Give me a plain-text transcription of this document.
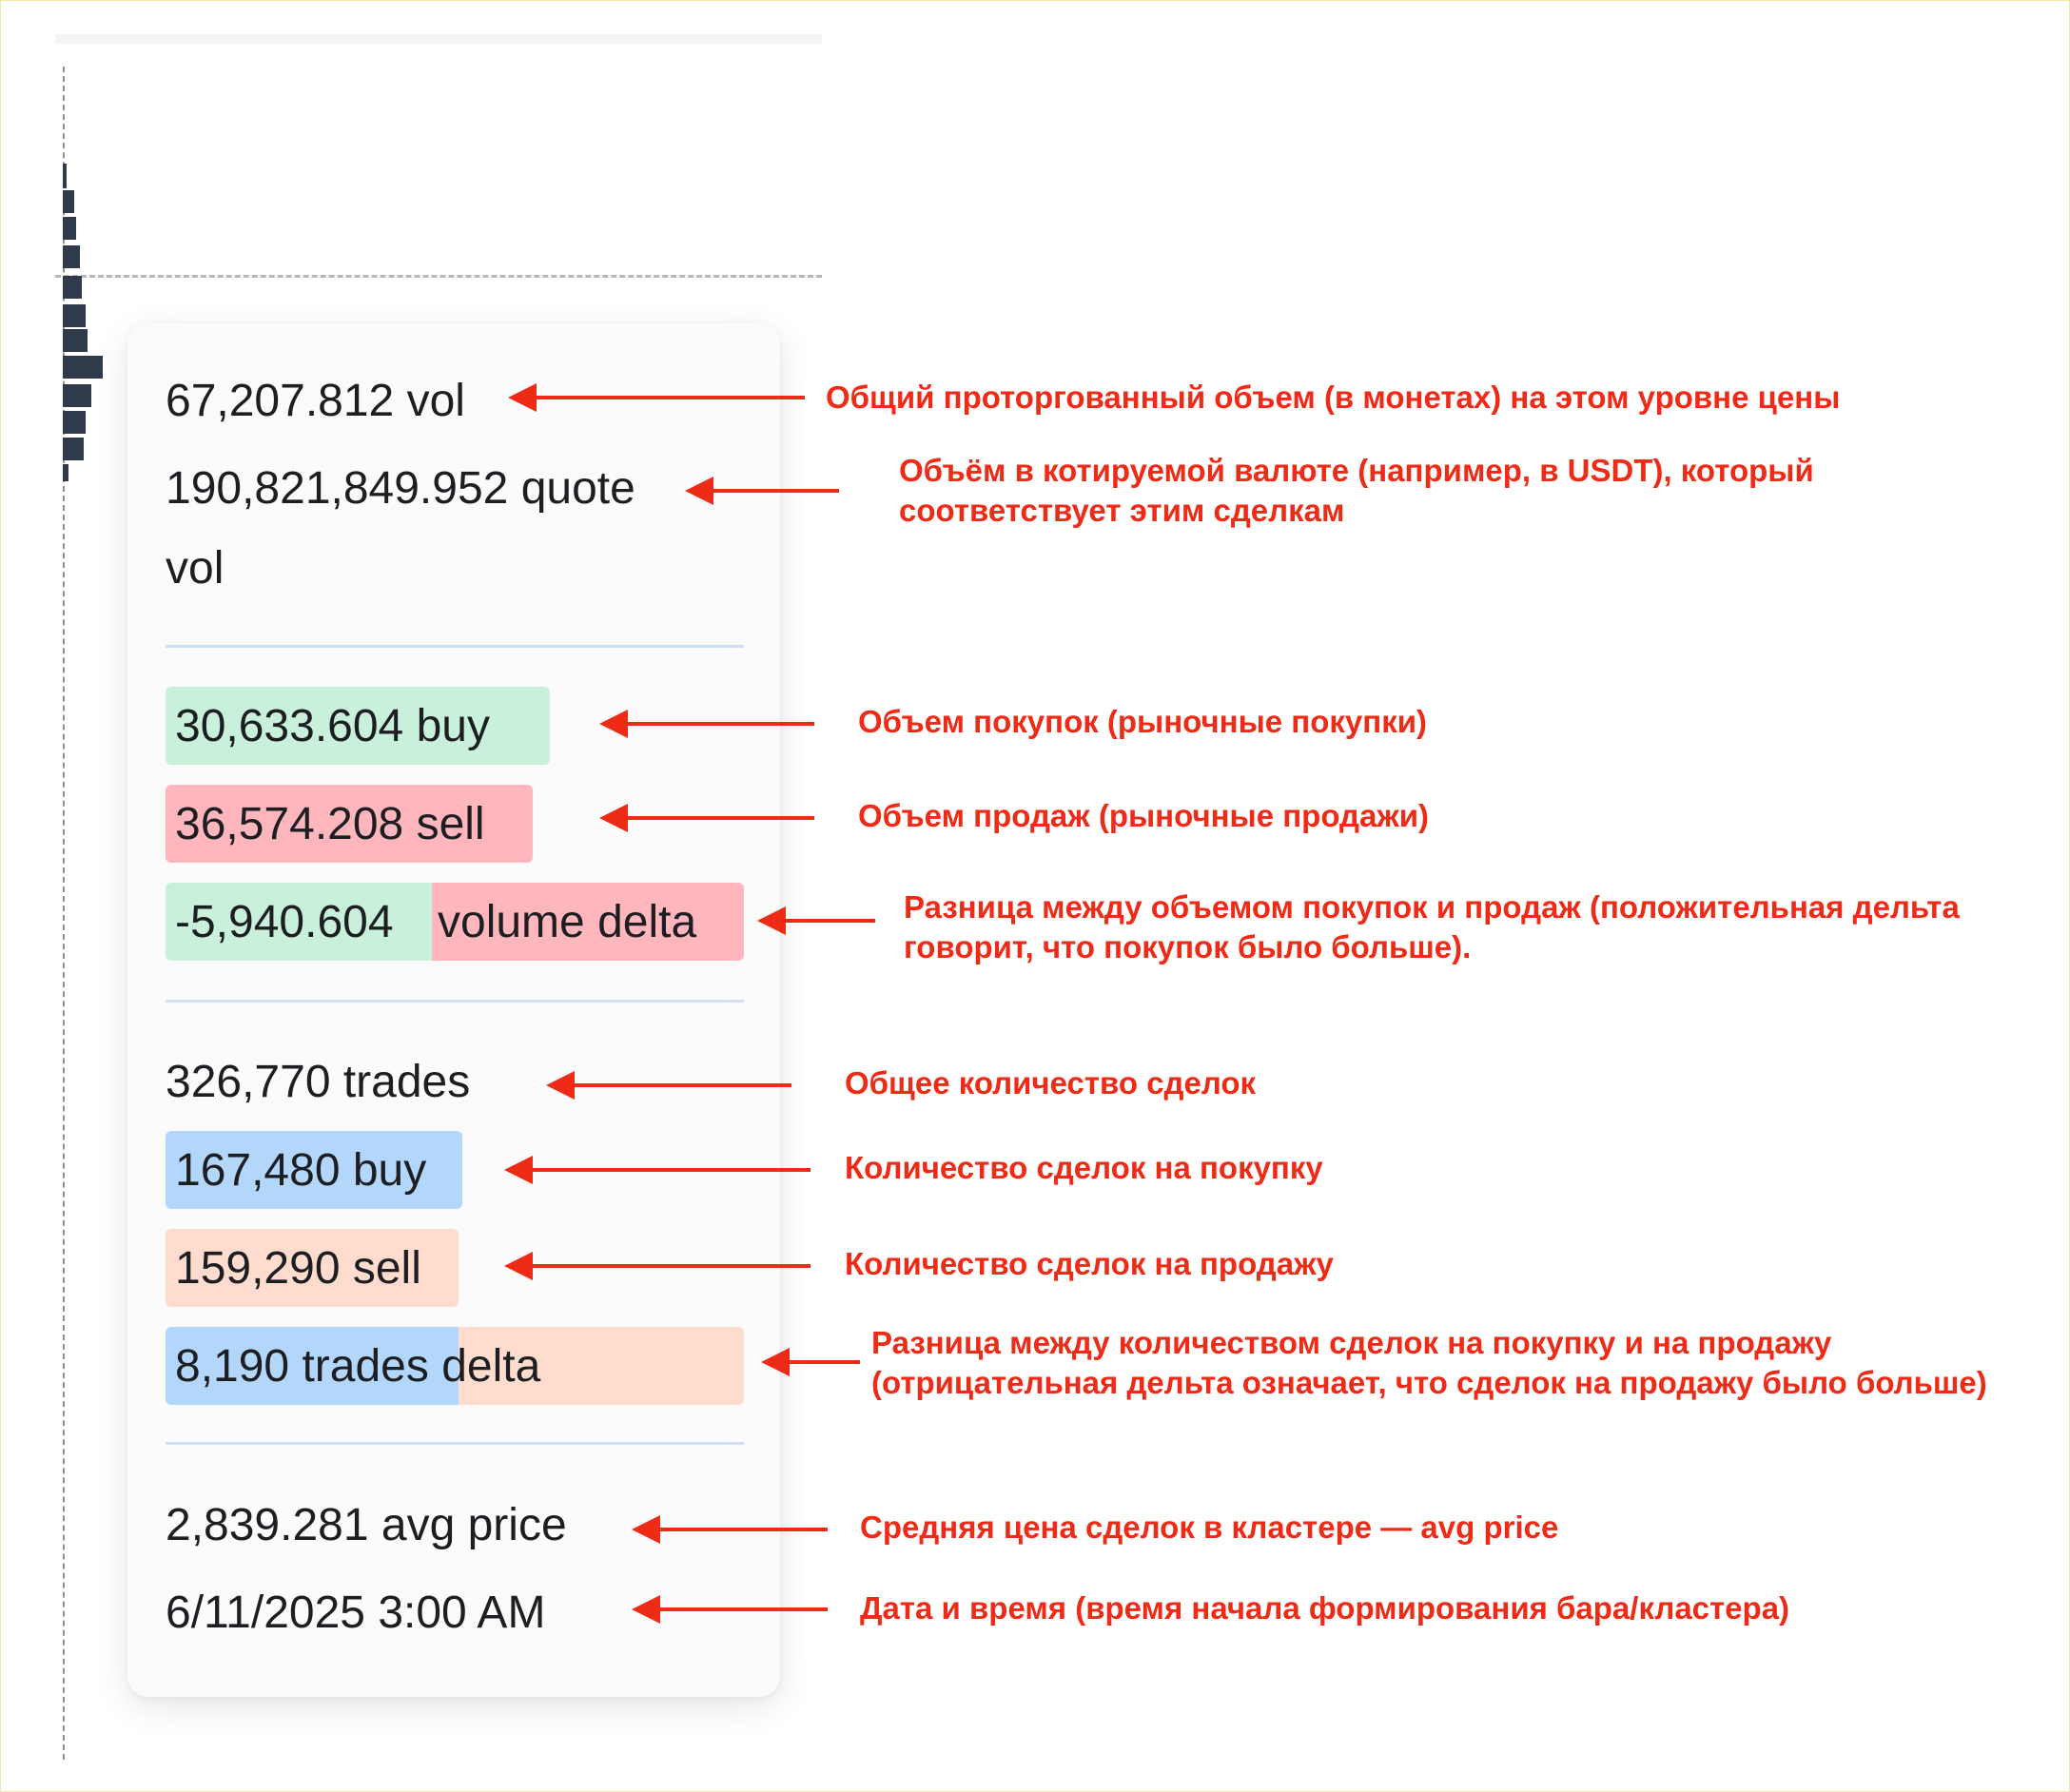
67,207.812 vol
190,821,849.952 quote
vol
30,633.604 buy
36,574.208 sell
-5,940.604 volume delta
326,770 trades
167,480 buy
159,290 sell
8,190 trades delta
2,839.281 avg price
6/11/2025 3:00 AM
Общий проторгованный объем (в монетах) на этом уровне цены
Объём в котируемой валюте (например, в USDT), который
соответствует этим сделкам
Объем покупок (рыночные покупки)
Объем продаж (рыночные продажи)
Разница между объемом покупок и продаж (положительная дельта
говорит, что покупок было больше).
Общее количество сделок
Количество сделок на покупку
Количество сделок на продажу
Разница между количеством сделок на покупку и на продажу
(отрицательная дельта означает, что сделок на продажу было больше)
Средняя цена сделок в кластере — avg price
Дата и время (время начала формирования бара/кластера)
